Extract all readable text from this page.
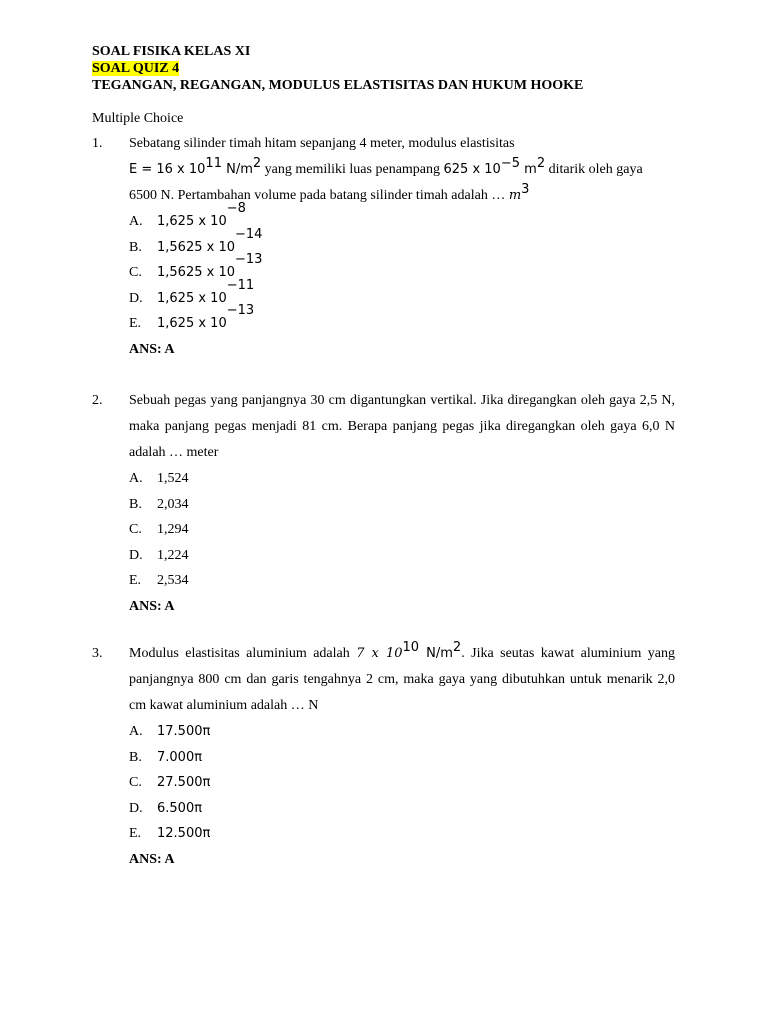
SOAL FISIKA KELAS XI
SOAL QUIZ 4
TEGANGAN, REGANGAN, MODULUS ELASTISITAS DAN HUKUM HOOKE
Multiple Choice
1. Sebatang silinder timah hitam sepanjang 4 meter, modulus elastisitas
E = 16 x $10^{11}$ $N/m^2$ yang memiliki luas penampang 625 x $10^{-5}$ $m^2$ ditarik oleh gaya
6500 N. Pertambahan volume pada batang silinder timah adalah … $m^3$
A.	1,625 x 10
−8
B.	1,5625 x 10
−14
C.	1,5625 x 10
−13
D.	1,625 x 10
−11
E.	1,625 x 10
−13
ANS: A
2. Sebuah pegas yang panjangnya 30 cm digantungkan vertikal. Jika diregangkan oleh gaya 2,5 N, maka panjang pegas menjadi 81 cm. Berapa panjang pegas jika diregangkan oleh gaya 6,0 N adalah … meter
A.	1,524
B.	2,034
C.	1,294
D.	1,224
E.	2,534
ANS: A
3. Modulus elastisitas aluminium adalah 7 x $10^{10}$ $N/m^2$. Jika seutas kawat aluminium yang panjangnya 800 cm dan garis tengahnya 2 cm, maka gaya yang dibutuhkan untuk menarik 2,0 cm kawat aluminium adalah … N
A.	17.500π
B.	7.000π
C.	27.500π
D.	6.500π
E.	12.500π
ANS: A
